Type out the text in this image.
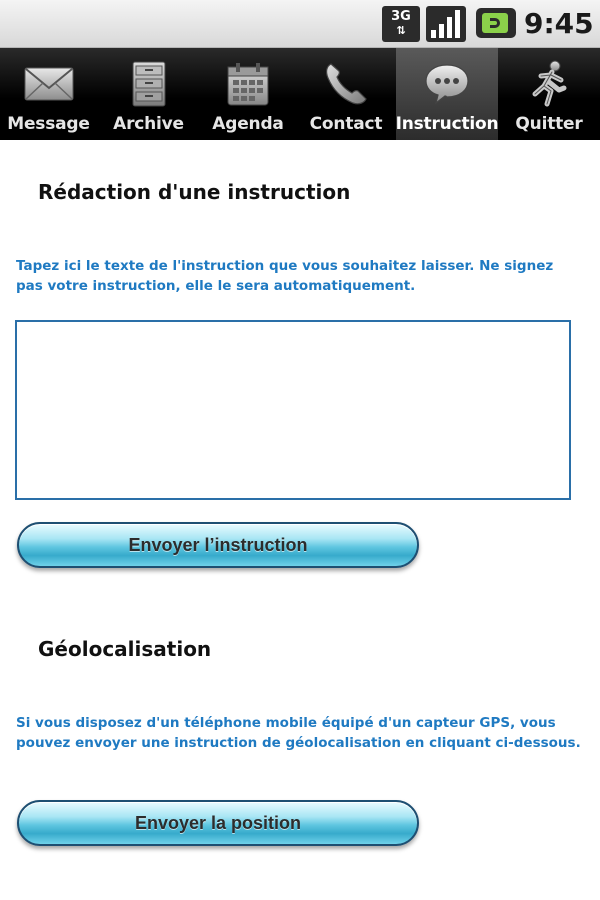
3G
⇅	9:45
Message Archive Agenda Contact Instruction Quitter
Rédaction d'une instruction
Tapez ici le texte de l'instruction que vous souhaitez laisser. Ne signez pas votre instruction, elle le sera automatiquement.
Envoyer l’instruction
Géolocalisation
Si vous disposez d'un téléphone mobile équipé d'un capteur GPS, vous pouvez envoyer une instruction de géolocalisation en cliquant ci-dessous.
Envoyer la position
